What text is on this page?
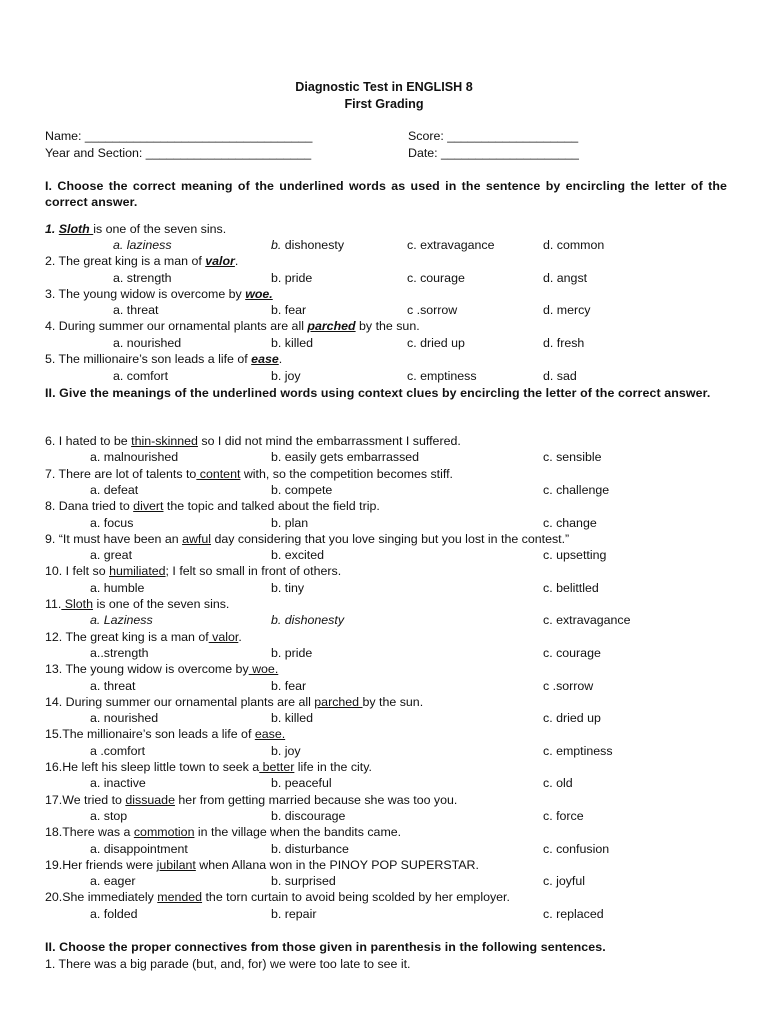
Diagnostic Test in ENGLISH 8
First Grading
Name: _________________________________	Score: ___________________
Year and Section: ________________________	Date: ____________________
I. Choose the correct meaning of the underlined words as used in the sentence by encircling the letter of the correct answer.
1. Sloth is one of the seven sins.
a. laziness	b. dishonesty	c. extravagance	d. common
2. The great king is a man of valor.
a. strength	b. pride	c. courage	d. angst
3. The young widow is overcome by woe.
a. threat	b. fear	c .sorrow	d. mercy
4. During summer our ornamental plants are all parched by the sun.
a. nourished	b. killed	c. dried up	d. fresh
5. The millionaire’s son leads a life of ease.
a. comfort	b. joy	c. emptiness	d. sad
II. Give the meanings of the underlined words using context clues by encircling the letter of the correct answer.
6. I hated to be thin-skinned so I did not mind the embarrassment I suffered.
a. malnourished	b. easily gets embarrassed	c. sensible
7. There are lot of talents to content with, so the competition becomes stiff.
a. defeat	b. compete	c. challenge
8. Dana tried to divert the topic and talked about the field trip.
a. focus	b. plan	c. change
9. “It must have been an awful day considering that you love singing but you lost in the contest.”
a. great	b. excited	c. upsetting
10. I felt so humiliated; I felt so small in front of others.
a. humble	b. tiny	c. belittled
11. Sloth is one of the seven sins.
a. Laziness	b. dishonesty	c. extravagance
12. The great king is a man of valor.
a..strength	b. pride	c. courage
13. The young widow is overcome by woe.
a. threat	b. fear	c .sorrow
14. During summer our ornamental plants are all parched by the sun.
a. nourished	b. killed	c. dried up
15.The millionaire’s son leads a life of ease.
a .comfort	b. joy	c. emptiness
16.He left his sleep little town to seek a better life in the city.
a. inactive	b. peaceful	c. old
17.We tried to dissuade her from getting married because she was too you.
a. stop	b. discourage	c. force
18.There was a commotion in the village when the bandits came.
a. disappointment	b. disturbance	c. confusion
19.Her friends were jubilant when Allana won in the PINOY POP SUPERSTAR.
a. eager	b. surprised	c. joyful
20.She immediately mended the torn curtain to avoid being scolded by her employer.
a. folded	b. repair	c. replaced
II. Choose the proper connectives from those given in parenthesis in the following sentences.
1. There was a big parade (but, and, for) we were too late to see it.
